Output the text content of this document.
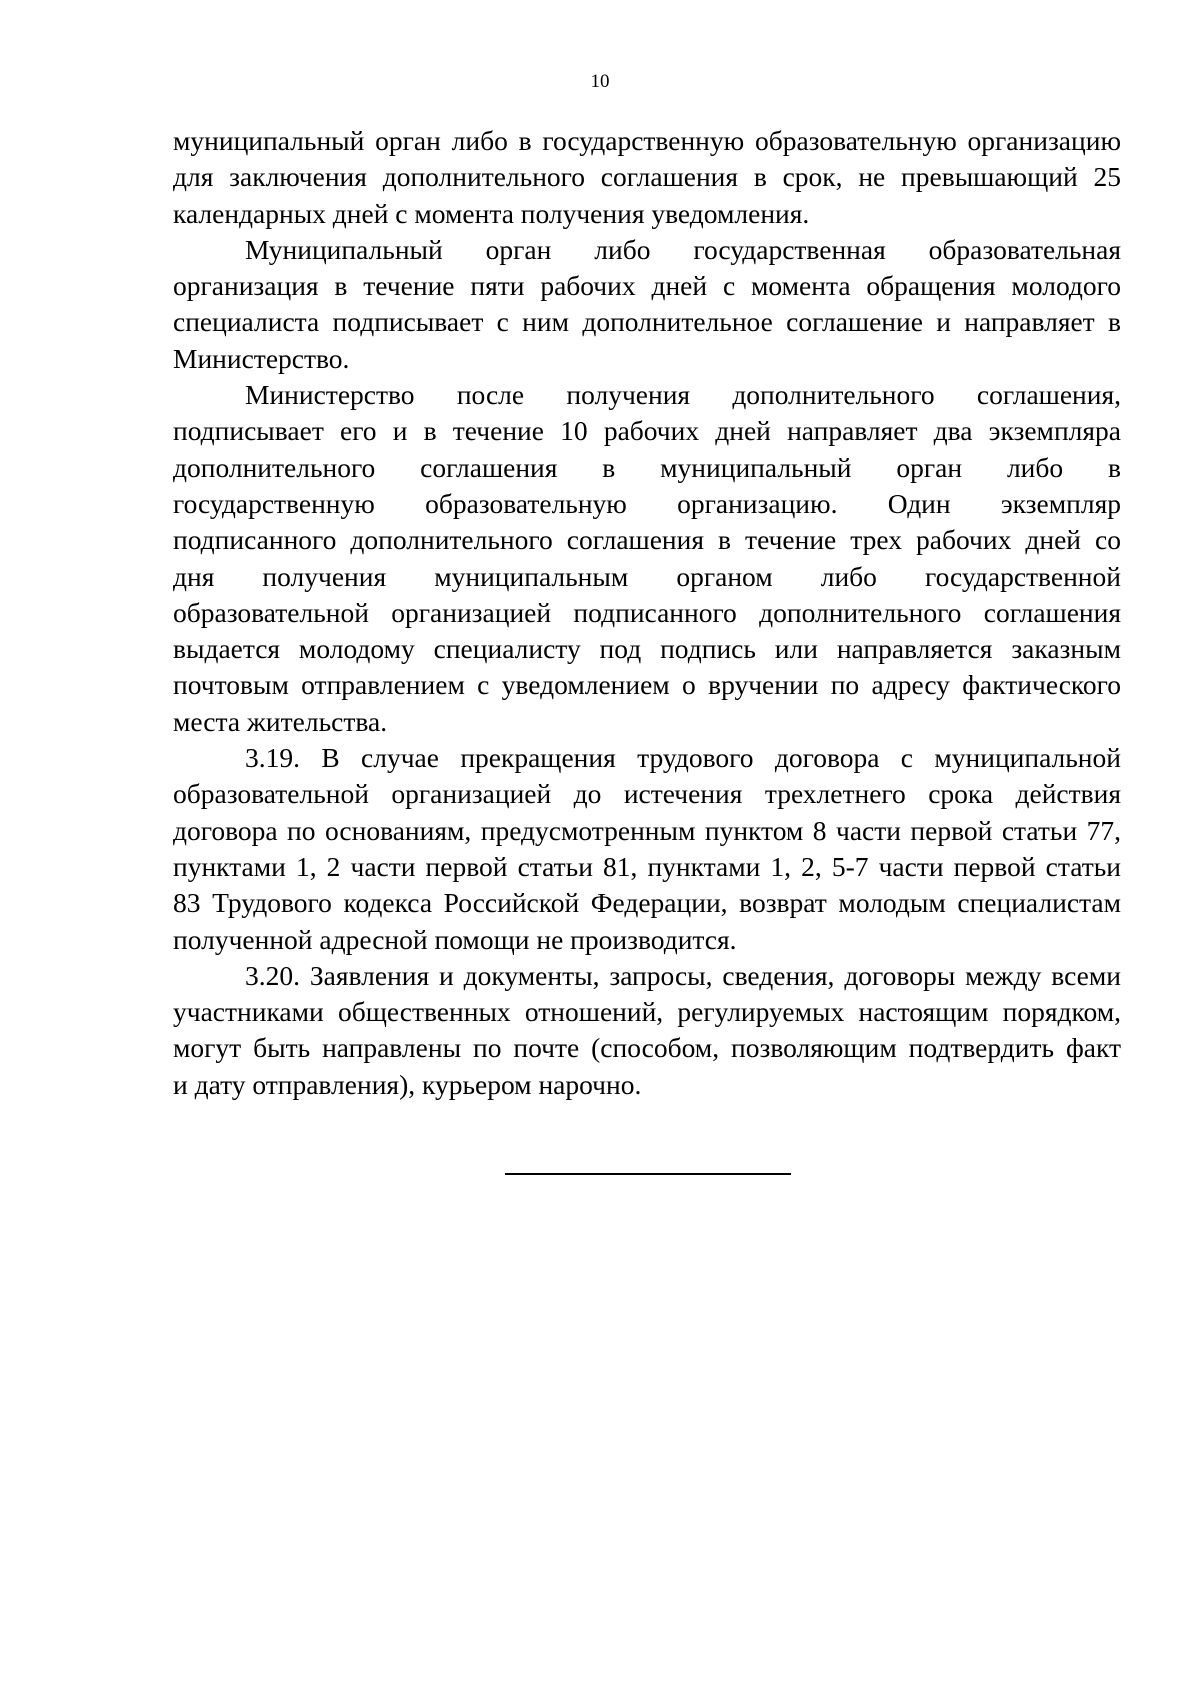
10
муниципальный орган либо в государственную образовательную организацию
для заключения дополнительного соглашения в срок, не превышающий 25
календарных дней с момента получения уведомления.
Муниципальный орган либо государственная образовательная
организация в течение пяти рабочих дней с момента обращения молодого
специалиста подписывает с ним дополнительное соглашение и направляет в
Министерство.
Министерство после получения дополнительного соглашения,
подписывает его и в течение 10 рабочих дней направляет два экземпляра
дополнительного соглашения в муниципальный орган либо в
государственную образовательную организацию. Один экземпляр
подписанного дополнительного соглашения в течение трех рабочих дней со
дня получения муниципальным органом либо государственной
образовательной организацией подписанного дополнительного соглашения
выдается молодому специалисту под подпись или направляется заказным
почтовым отправлением с уведомлением о вручении по адресу фактического
места жительства.
3.19. В случае прекращения трудового договора с муниципальной
образовательной организацией до истечения трехлетнего срока действия
договора по основаниям, предусмотренным пунктом 8 части первой статьи 77,
пунктами 1, 2 части первой статьи 81, пунктами 1, 2, 5-7 части первой статьи
83 Трудового кодекса Российской Федерации, возврат молодым специалистам
полученной адресной помощи не производится.
3.20. Заявления и документы, запросы, сведения, договоры между всеми
участниками общественных отношений, регулируемых настоящим порядком,
могут быть направлены по почте (способом, позволяющим подтвердить факт
и дату отправления), курьером нарочно.
